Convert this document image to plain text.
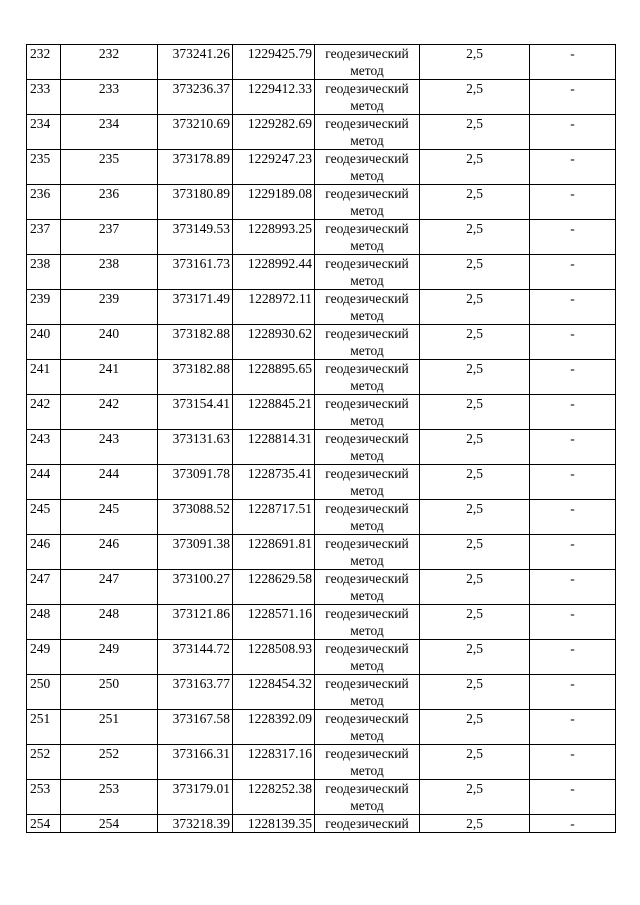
232	232	373241.26	1229425.79	геодезический метод	2,5	-
233	233	373236.37	1229412.33	геодезический метод	2,5	-
234	234	373210.69	1229282.69	геодезический метод	2,5	-
235	235	373178.89	1229247.23	геодезический метод	2,5	-
236	236	373180.89	1229189.08	геодезический метод	2,5	-
237	237	373149.53	1228993.25	геодезический метод	2,5	-
238	238	373161.73	1228992.44	геодезический метод	2,5	-
239	239	373171.49	1228972.11	геодезический метод	2,5	-
240	240	373182.88	1228930.62	геодезический метод	2,5	-
241	241	373182.88	1228895.65	геодезический метод	2,5	-
242	242	373154.41	1228845.21	геодезический метод	2,5	-
243	243	373131.63	1228814.31	геодезический метод	2,5	-
244	244	373091.78	1228735.41	геодезический метод	2,5	-
245	245	373088.52	1228717.51	геодезический метод	2,5	-
246	246	373091.38	1228691.81	геодезический метод	2,5	-
247	247	373100.27	1228629.58	геодезический метод	2,5	-
248	248	373121.86	1228571.16	геодезический метод	2,5	-
249	249	373144.72	1228508.93	геодезический метод	2,5	-
250	250	373163.77	1228454.32	геодезический метод	2,5	-
251	251	373167.58	1228392.09	геодезический метод	2,5	-
252	252	373166.31	1228317.16	геодезический метод	2,5	-
253	253	373179.01	1228252.38	геодезический метод	2,5	-
254	254	373218.39	1228139.35	геодезический	2,5	-
